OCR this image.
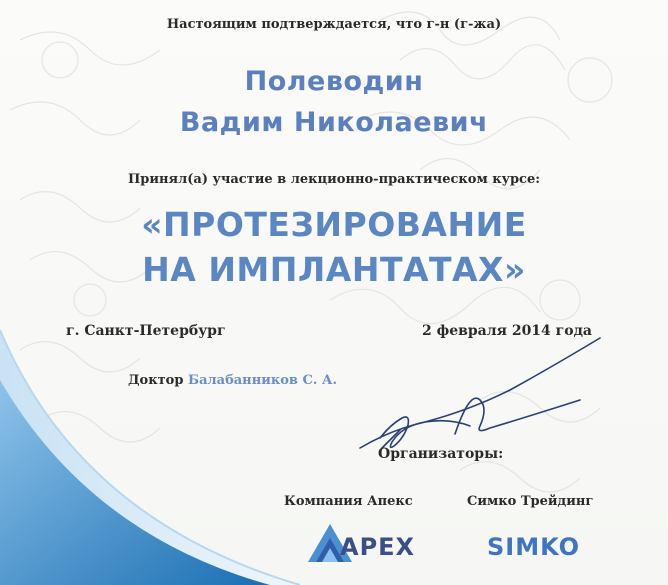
Настоящим подтверждается, что г-н (г-жа)
Полеводин
Вадим Николаевич
Принял(а) участие в лекционно-практическом курсе:
«ПРОТЕЗИРОВАНИЕ
НА ИМПЛАНТАТАХ»
г. Санкт-Петербург	2 февраля 2014 года
Доктор Балабанников С. А.
Организаторы:
Компания Апекс	Симко Трейдинг
APEX	SIMKO
